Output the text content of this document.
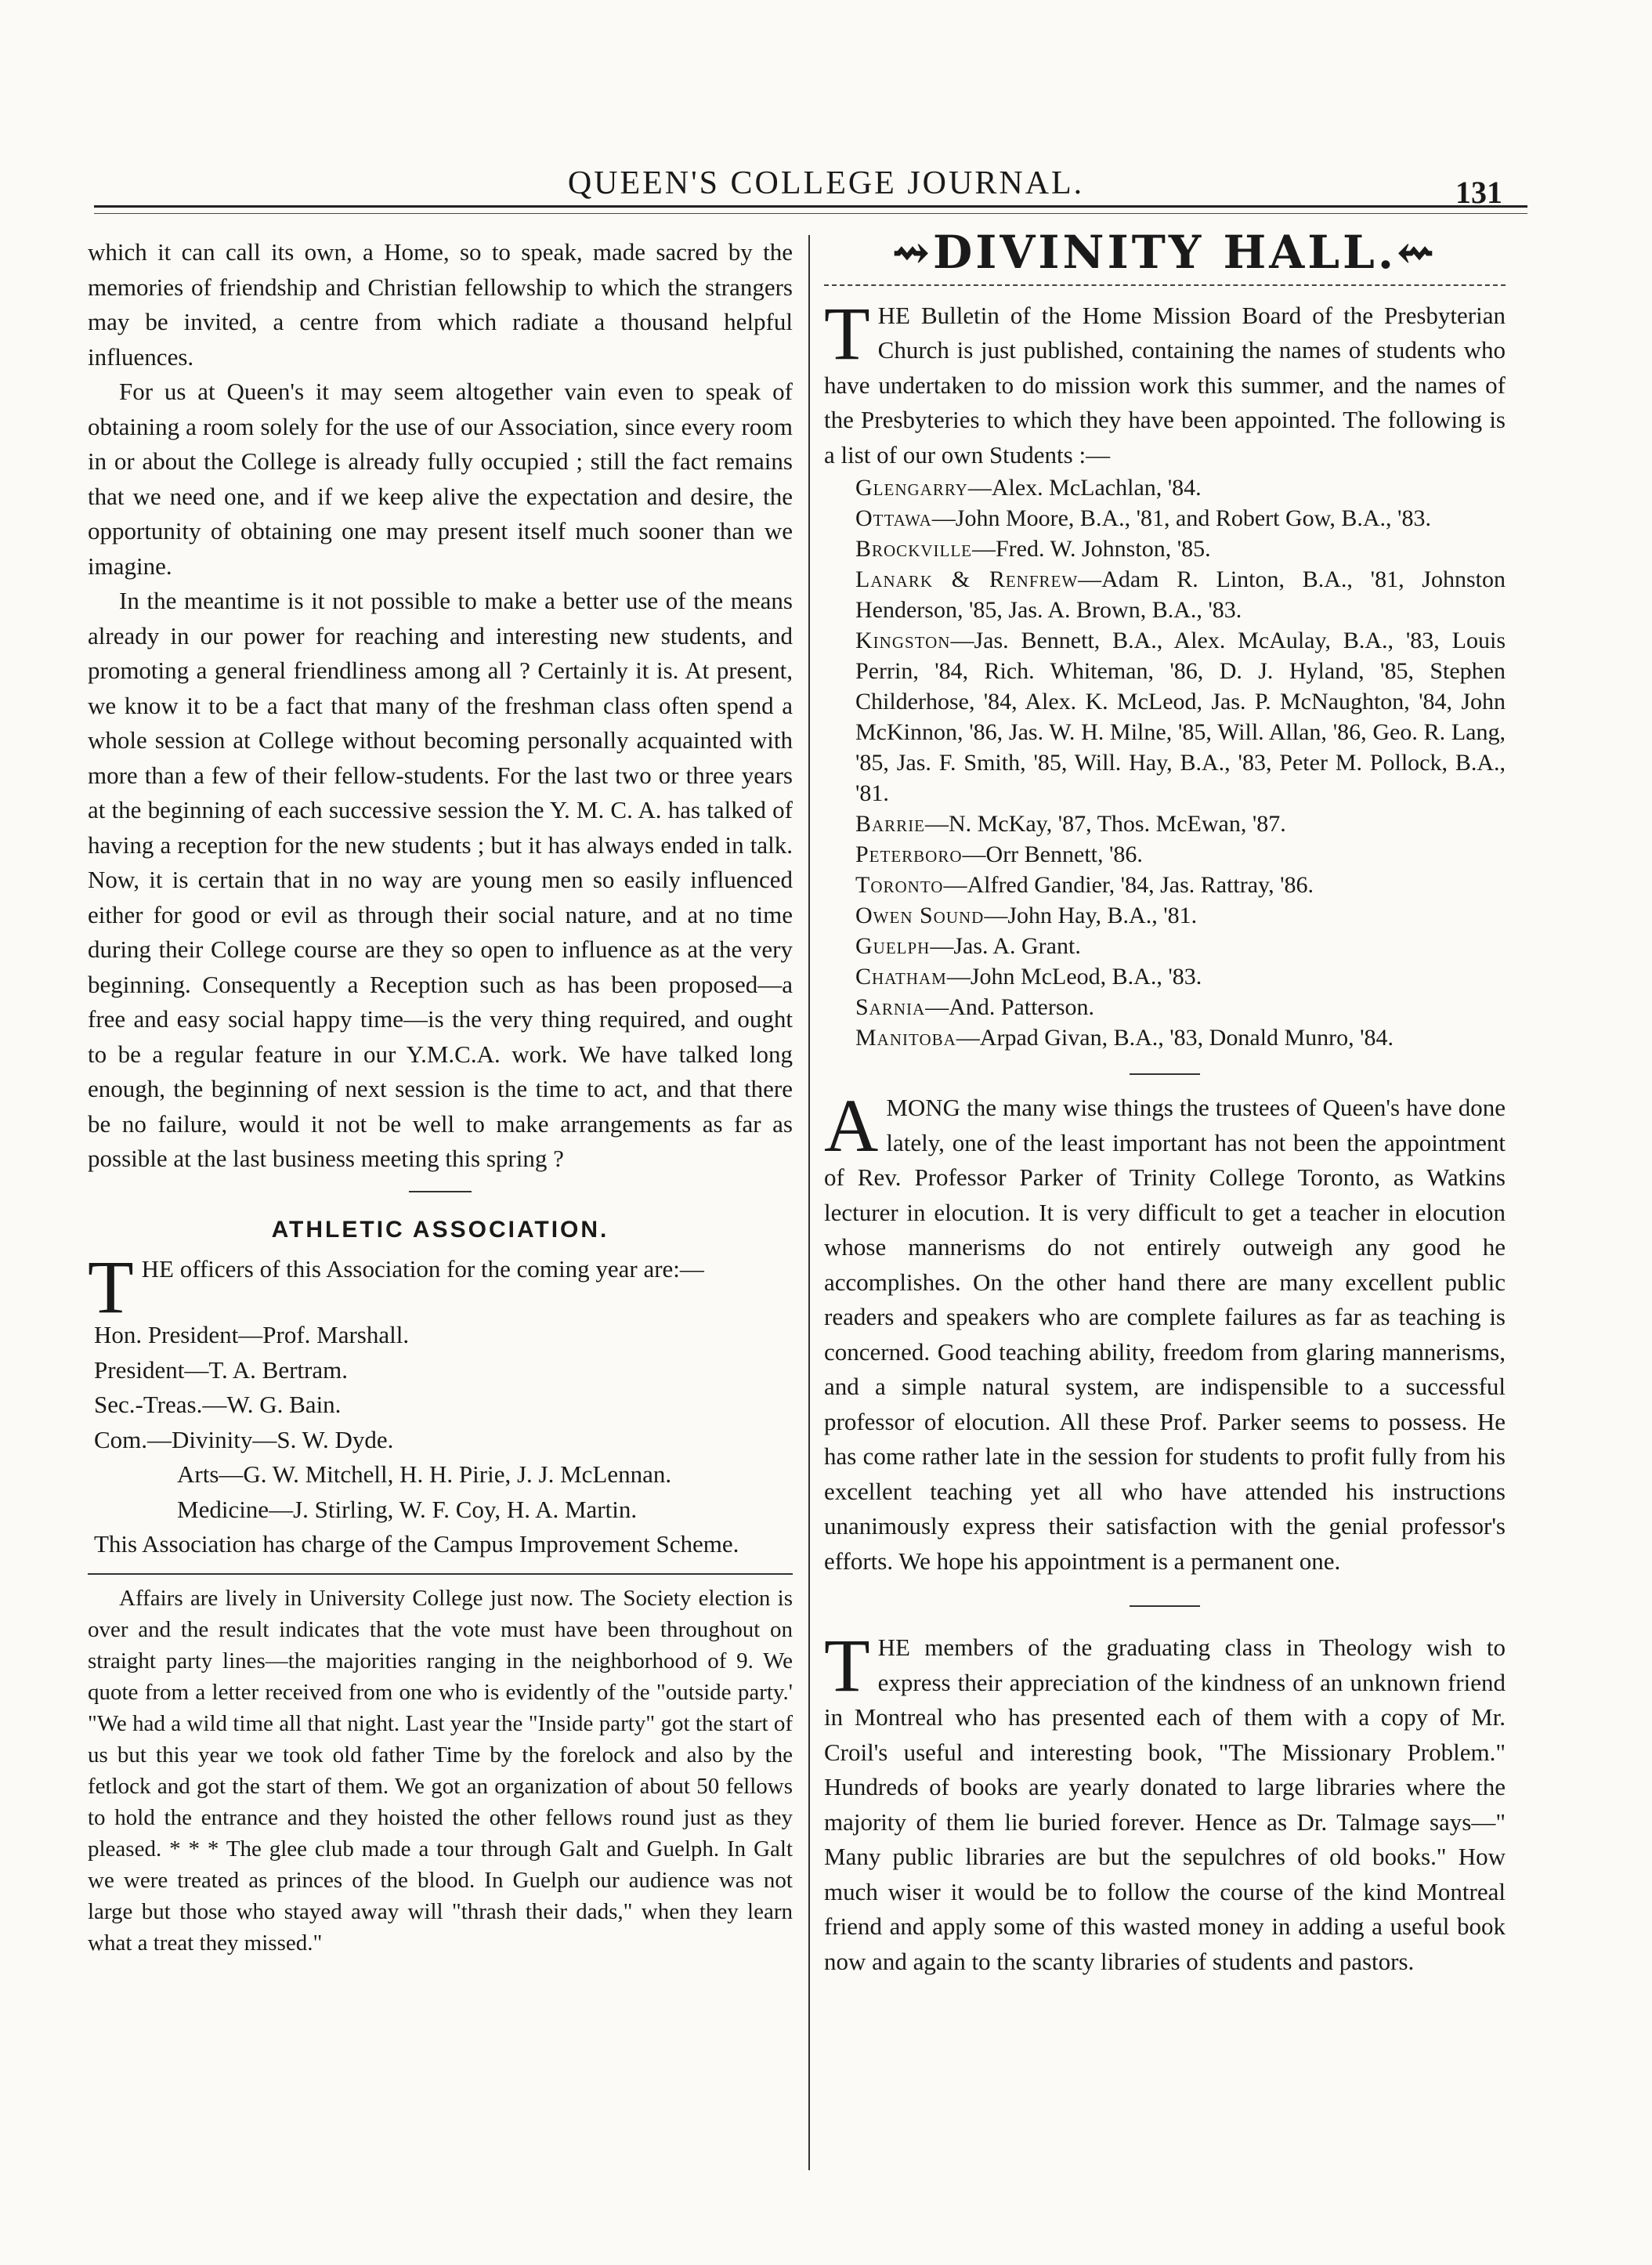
QUEEN'S COLLEGE JOURNAL.	131

which it can call its own, a Home, so to speak, made sacred by the memories of friendship and Christian fellowship to which the strangers may be invited, a centre from which radiate a thousand helpful influences.

For us at Queen's it may seem altogether vain even to speak of obtaining a room solely for the use of our Association, since every room in or about the College is already fully occupied ; still the fact remains that we need one, and if we keep alive the expectation and desire, the opportunity of obtaining one may present itself much sooner than we imagine.

In the meantime is it not possible to make a better use of the means already in our power for reaching and interesting new students, and promoting a general friendliness among all ? Certainly it is. At present, we know it to be a fact that many of the freshman class often spend a whole session at College without becoming personally acquainted with more than a few of their fellow-students. For the last two or three years at the beginning of each successive session the Y. M. C. A. has talked of having a reception for the new students ; but it has always ended in talk. Now, it is certain that in no way are young men so easily influenced either for good or evil as through their social nature, and at no time during their College course are they so open to influence as at the very beginning. Consequently a Reception such as has been proposed—a free and easy social happy time—is the very thing required, and ought to be a regular feature in our Y.M.C.A. work. We have talked long enough, the beginning of next session is the time to act, and that there be no failure, would it not be well to make arrangements as far as possible at the last business meeting this spring ?

ATHLETIC ASSOCIATION.

T HE officers of this Association for the coming year are:—

Hon. President—Prof. Marshall.

President—T. A. Bertram.

Sec.-Treas.—W. G. Bain.

Com.—Divinity—S. W. Dyde.

Arts—G. W. Mitchell, H. H. Pirie, J. J. McLennan.

Medicine—J. Stirling, W. F. Coy, H. A. Martin.

This Association has charge of the Campus Improvement Scheme.

Affairs are lively in University College just now. The Society election is over and the result indicates that the vote must have been throughout on straight party lines—the majorities ranging in the neighborhood of 9. We quote from a letter received from one who is evidently of the "outside party.' "We had a wild time all that night. Last year the "Inside party" got the start of us but this year we took old father Time by the forelock and also by the fetlock and got the start of them. We got an organization of about 50 fellows to hold the entrance and they hoisted the other fellows round just as they pleased. * * * The glee club made a tour through Galt and Guelph. In Galt we were treated as princes of the blood. In Guelph our audience was not large but those who stayed away will "thrash their dads," when they learn what a treat they missed."

⇝DIVINITY HALL.⇜

T HE Bulletin of the Home Mission Board of the Presbyterian Church is just published, containing the names of students who have undertaken to do mission work this summer, and the names of the Presbyteries to which they have been appointed. The following is a list of our own Students :—

Glengarry—Alex. McLachlan, '84.

Ottawa—John Moore, B.A., '81, and Robert Gow, B.A., '83.

Brockville—Fred. W. Johnston, '85.

Lanark & Renfrew—Adam R. Linton, B.A., '81, Johnston Henderson, '85, Jas. A. Brown, B.A., '83.

Kingston—Jas. Bennett, B.A., Alex. McAulay, B.A., '83, Louis Perrin, '84, Rich. Whiteman, '86, D. J. Hyland, '85, Stephen Childerhose, '84, Alex. K. McLeod, Jas. P. McNaughton, '84, John McKinnon, '86, Jas. W. H. Milne, '85, Will. Allan, '86, Geo. R. Lang, '85, Jas. F. Smith, '85, Will. Hay, B.A., '83, Peter M. Pollock, B.A., '81.

Barrie—N. McKay, '87, Thos. McEwan, '87.

Peterboro—Orr Bennett, '86.

Toronto—Alfred Gandier, '84, Jas. Rattray, '86.

Owen Sound—John Hay, B.A., '81.

Guelph—Jas. A. Grant.

Chatham—John McLeod, B.A., '83.

Sarnia—And. Patterson.

Manitoba—Arpad Givan, B.A., '83, Donald Munro, '84.

A MONG the many wise things the trustees of Queen's have done lately, one of the least important has not been the appointment of Rev. Professor Parker of Trinity College Toronto, as Watkins lecturer in elocution. It is very difficult to get a teacher in elocution whose mannerisms do not entirely outweigh any good he accomplishes. On the other hand there are many excellent public readers and speakers who are complete failures as far as teaching is concerned. Good teaching ability, freedom from glaring mannerisms, and a simple natural system, are indispensible to a successful professor of elocution. All these Prof. Parker seems to possess. He has come rather late in the session for students to profit fully from his excellent teaching yet all who have attended his instructions unanimously express their satisfaction with the genial professor's efforts. We hope his appointment is a permanent one.

T HE members of the graduating class in Theology wish to express their appreciation of the kindness of an unknown friend in Montreal who has presented each of them with a copy of Mr. Croil's useful and interesting book, "The Missionary Problem." Hundreds of books are yearly donated to large libraries where the majority of them lie buried forever. Hence as Dr. Talmage says—" Many public libraries are but the sepulchres of old books." How much wiser it would be to follow the course of the kind Montreal friend and apply some of this wasted money in adding a useful book now and again to the scanty libraries of students and pastors.
